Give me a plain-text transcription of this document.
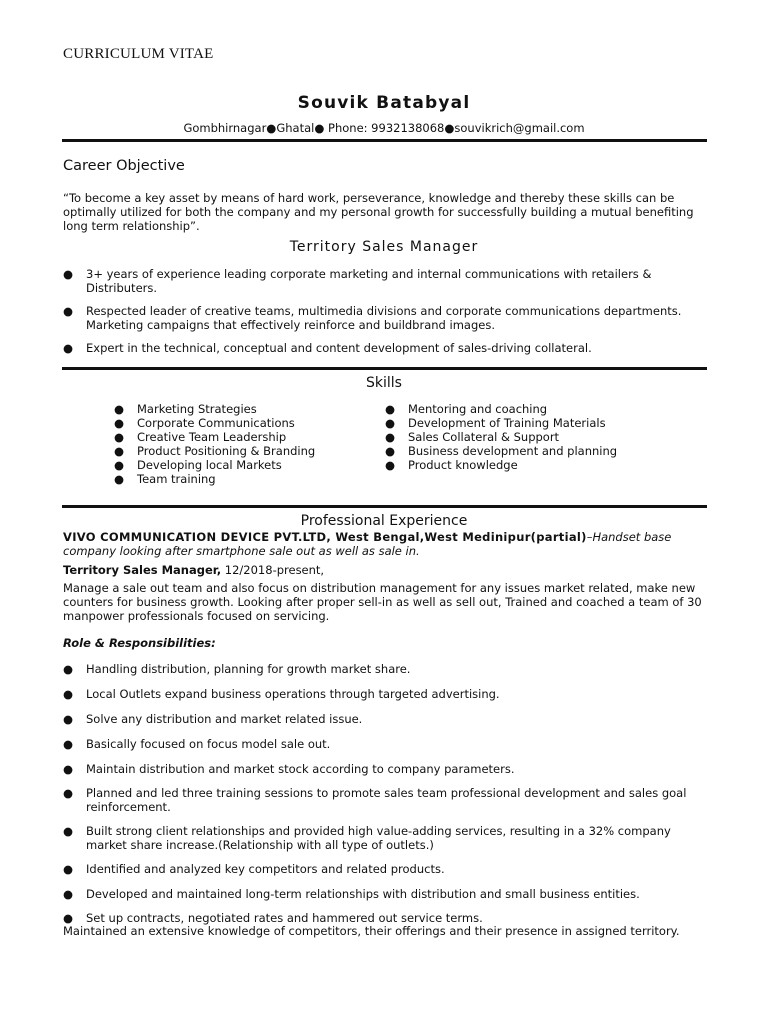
CURRICULUM VITAE
Souvik Batabyal
Gombhirnagar●Ghatal● Phone: 9932138068●souvikrich@gmail.com
Career Objective
“To become a key asset by means of hard work, perseverance, knowledge and thereby these skills can be optimally utilized for both the company and my personal growth for successfully building a mutual benefiting long term relationship”.
Territory Sales Manager
● 3+ years of experience leading corporate marketing and internal communications with retailers & Distributers.
● Respected leader of creative teams, multimedia divisions and corporate communications departments. Marketing campaigns that effectively reinforce and buildbrand images.
● Expert in the technical, conceptual and content development of sales-driving collateral.
Skills
● Marketing Strategies
● Corporate Communications
● Creative Team Leadership
● Product Positioning & Branding
● Developing local Markets
● Team training
● Mentoring and coaching
● Development of Training Materials
● Sales Collateral & Support
● Business development and planning
● Product knowledge
Professional Experience
VIVO COMMUNICATION DEVICE PVT.LTD, West Bengal,West Medinipur(partial)–Handset base
company looking after smartphone sale out as well as sale in.
Territory Sales Manager, 12/2018-present,
Manage a sale out team and also focus on distribution management for any issues market related, make new counters for business growth. Looking after proper sell-in as well as sell out, Trained and coached a team of 30 manpower professionals focused on servicing.
Role & Responsibilities:
● Handling distribution, planning for growth market share.
● Local Outlets expand business operations through targeted advertising.
● Solve any distribution and market related issue.
● Basically focused on focus model sale out.
● Maintain distribution and market stock according to company parameters.
● Planned and led three training sessions to promote sales team professional development and sales goal reinforcement.
● Built strong client relationships and provided high value-adding services, resulting in a 32% company market share increase.(Relationship with all type of outlets.)
● Identified and analyzed key competitors and related products.
● Developed and maintained long-term relationships with distribution and small business entities.
● Set up contracts, negotiated rates and hammered out service terms.
Maintained an extensive knowledge of competitors, their offerings and their presence in assigned territory.
